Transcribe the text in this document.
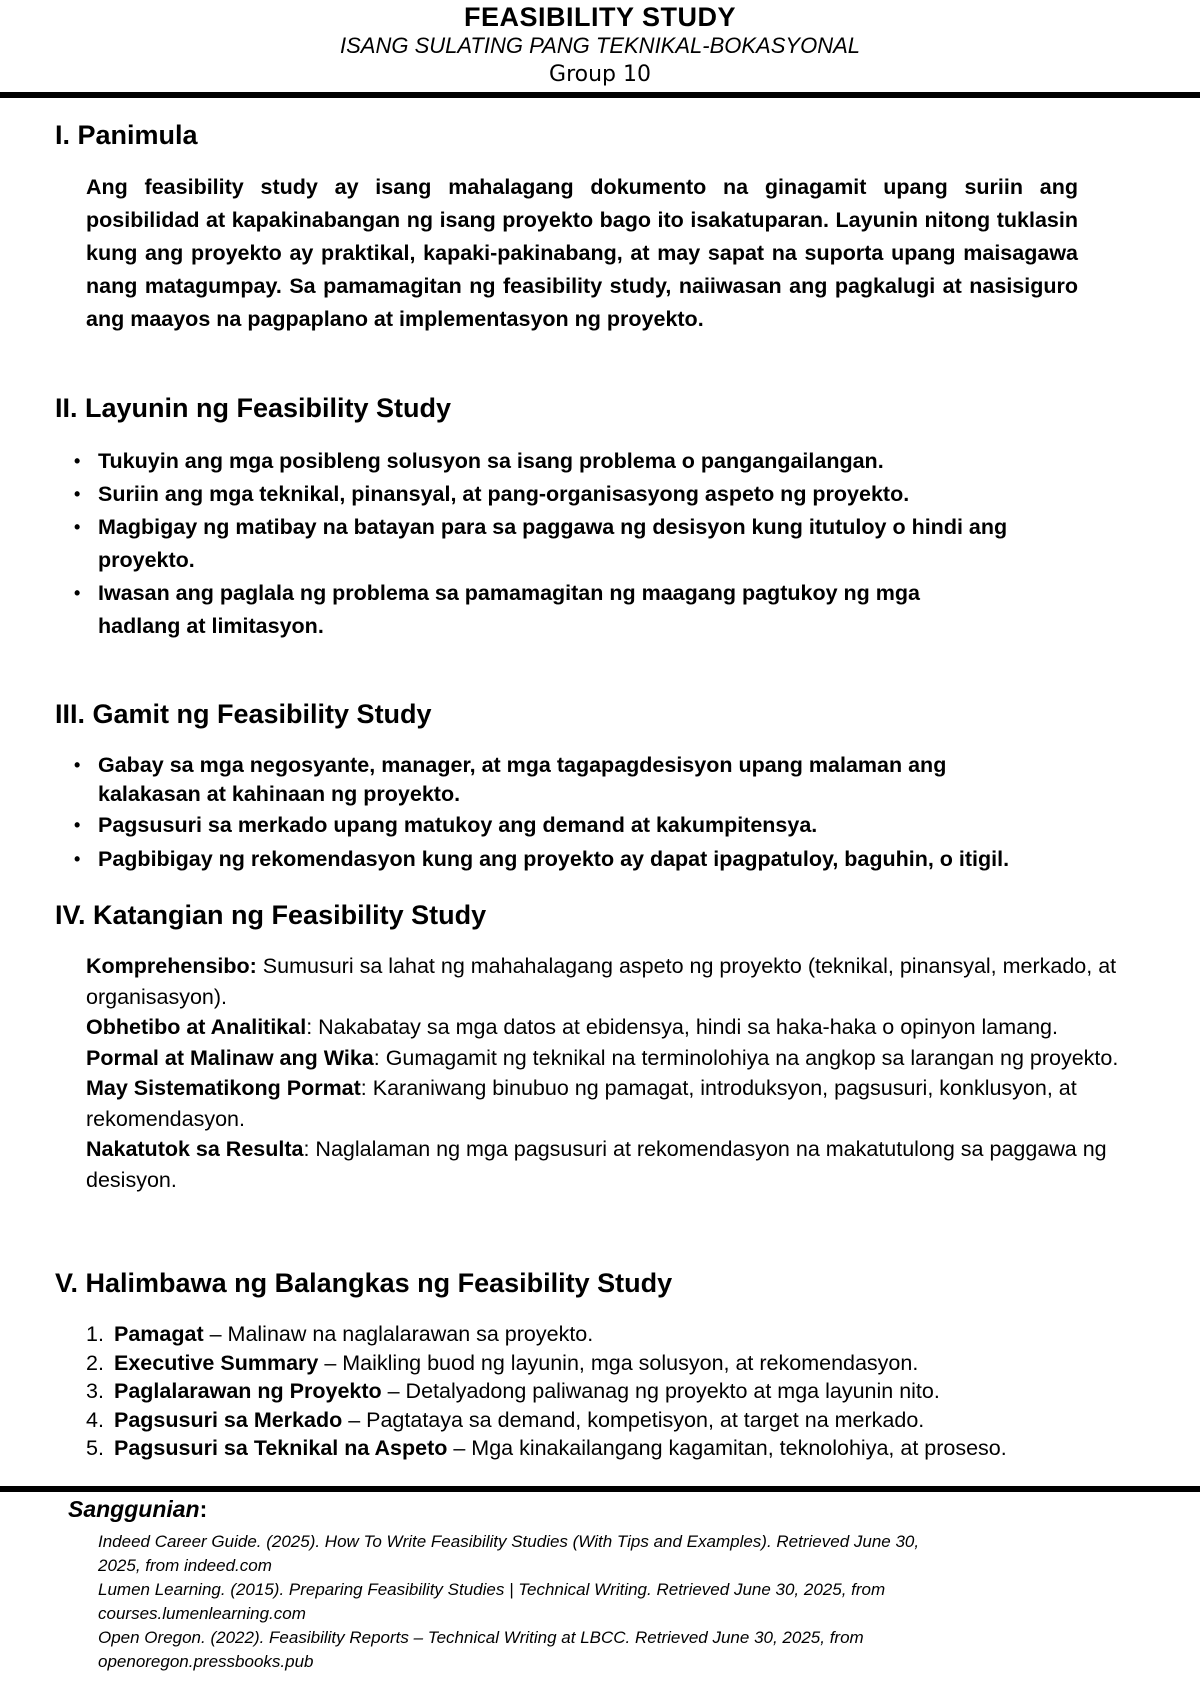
FEASIBILITY STUDY
ISANG SULATING PANG TEKNIKAL-BOKASYONAL
Group 10
I. Panimula
Ang feasibility study ay isang mahalagang dokumento na ginagamit upang suriin ang posibilidad at kapakinabangan ng isang proyekto bago ito isakatuparan. Layunin nitong tuklasin kung ang proyekto ay praktikal, kapaki-pakinabang, at may sapat na suporta upang maisagawa nang matagumpay. Sa pamamagitan ng feasibility study, naiiwasan ang pagkalugi at nasisiguro ang maayos na pagpaplano at implementasyon ng proyekto.
II. Layunin ng Feasibility Study
• Tukuyin ang mga posibleng solusyon sa isang problema o pangangailangan.
• Suriin ang mga teknikal, pinansyal, at pang-organisasyong aspeto ng proyekto.
• Magbigay ng matibay na batayan para sa paggawa ng desisyon kung itutuloy o hindi ang proyekto.
• Iwasan ang paglala ng problema sa pamamagitan ng maagang pagtukoy ng mga hadlang at limitasyon.
III. Gamit ng Feasibility Study
• Gabay sa mga negosyante, manager, at mga tagapagdesisyon upang malaman ang kalakasan at kahinaan ng proyekto.
• Pagsusuri sa merkado upang matukoy ang demand at kakumpitensya.
• Pagbibigay ng rekomendasyon kung ang proyekto ay dapat ipagpatuloy, baguhin, o itigil.
IV. Katangian ng Feasibility Study
Komprehensibo: Sumusuri sa lahat ng mahahalagang aspeto ng proyekto (teknikal, pinansyal, merkado, at organisasyon).
Obhetibo at Analitikal: Nakabatay sa mga datos at ebidensya, hindi sa haka-haka o opinyon lamang.
Pormal at Malinaw ang Wika: Gumagamit ng teknikal na terminolohiya na angkop sa larangan ng proyekto.
May Sistematikong Pormat: Karaniwang binubuo ng pamagat, introduksyon, pagsusuri, konklusyon, at rekomendasyon.
Nakatutok sa Resulta: Naglalaman ng mga pagsusuri at rekomendasyon na makatutulong sa paggawa ng desisyon.
V. Halimbawa ng Balangkas ng Feasibility Study
1. Pamagat – Malinaw na naglalarawan sa proyekto.
2. Executive Summary – Maikling buod ng layunin, mga solusyon, at rekomendasyon.
3. Paglalarawan ng Proyekto – Detalyadong paliwanag ng proyekto at mga layunin nito.
4. Pagsusuri sa Merkado – Pagtataya sa demand, kompetisyon, at target na merkado.
5. Pagsusuri sa Teknikal na Aspeto – Mga kinakailangang kagamitan, teknolohiya, at proseso.
Sanggunian:

Indeed Career Guide. (2025). How To Write Feasibility Studies (With Tips and Examples). Retrieved June 30, 2025, from indeed.com

Lumen Learning. (2015). Preparing Feasibility Studies | Technical Writing. Retrieved June 30, 2025, from courses.lumenlearning.com

Open Oregon. (2022). Feasibility Reports – Technical Writing at LBCC. Retrieved June 30, 2025, from openoregon.pressbooks.pub
